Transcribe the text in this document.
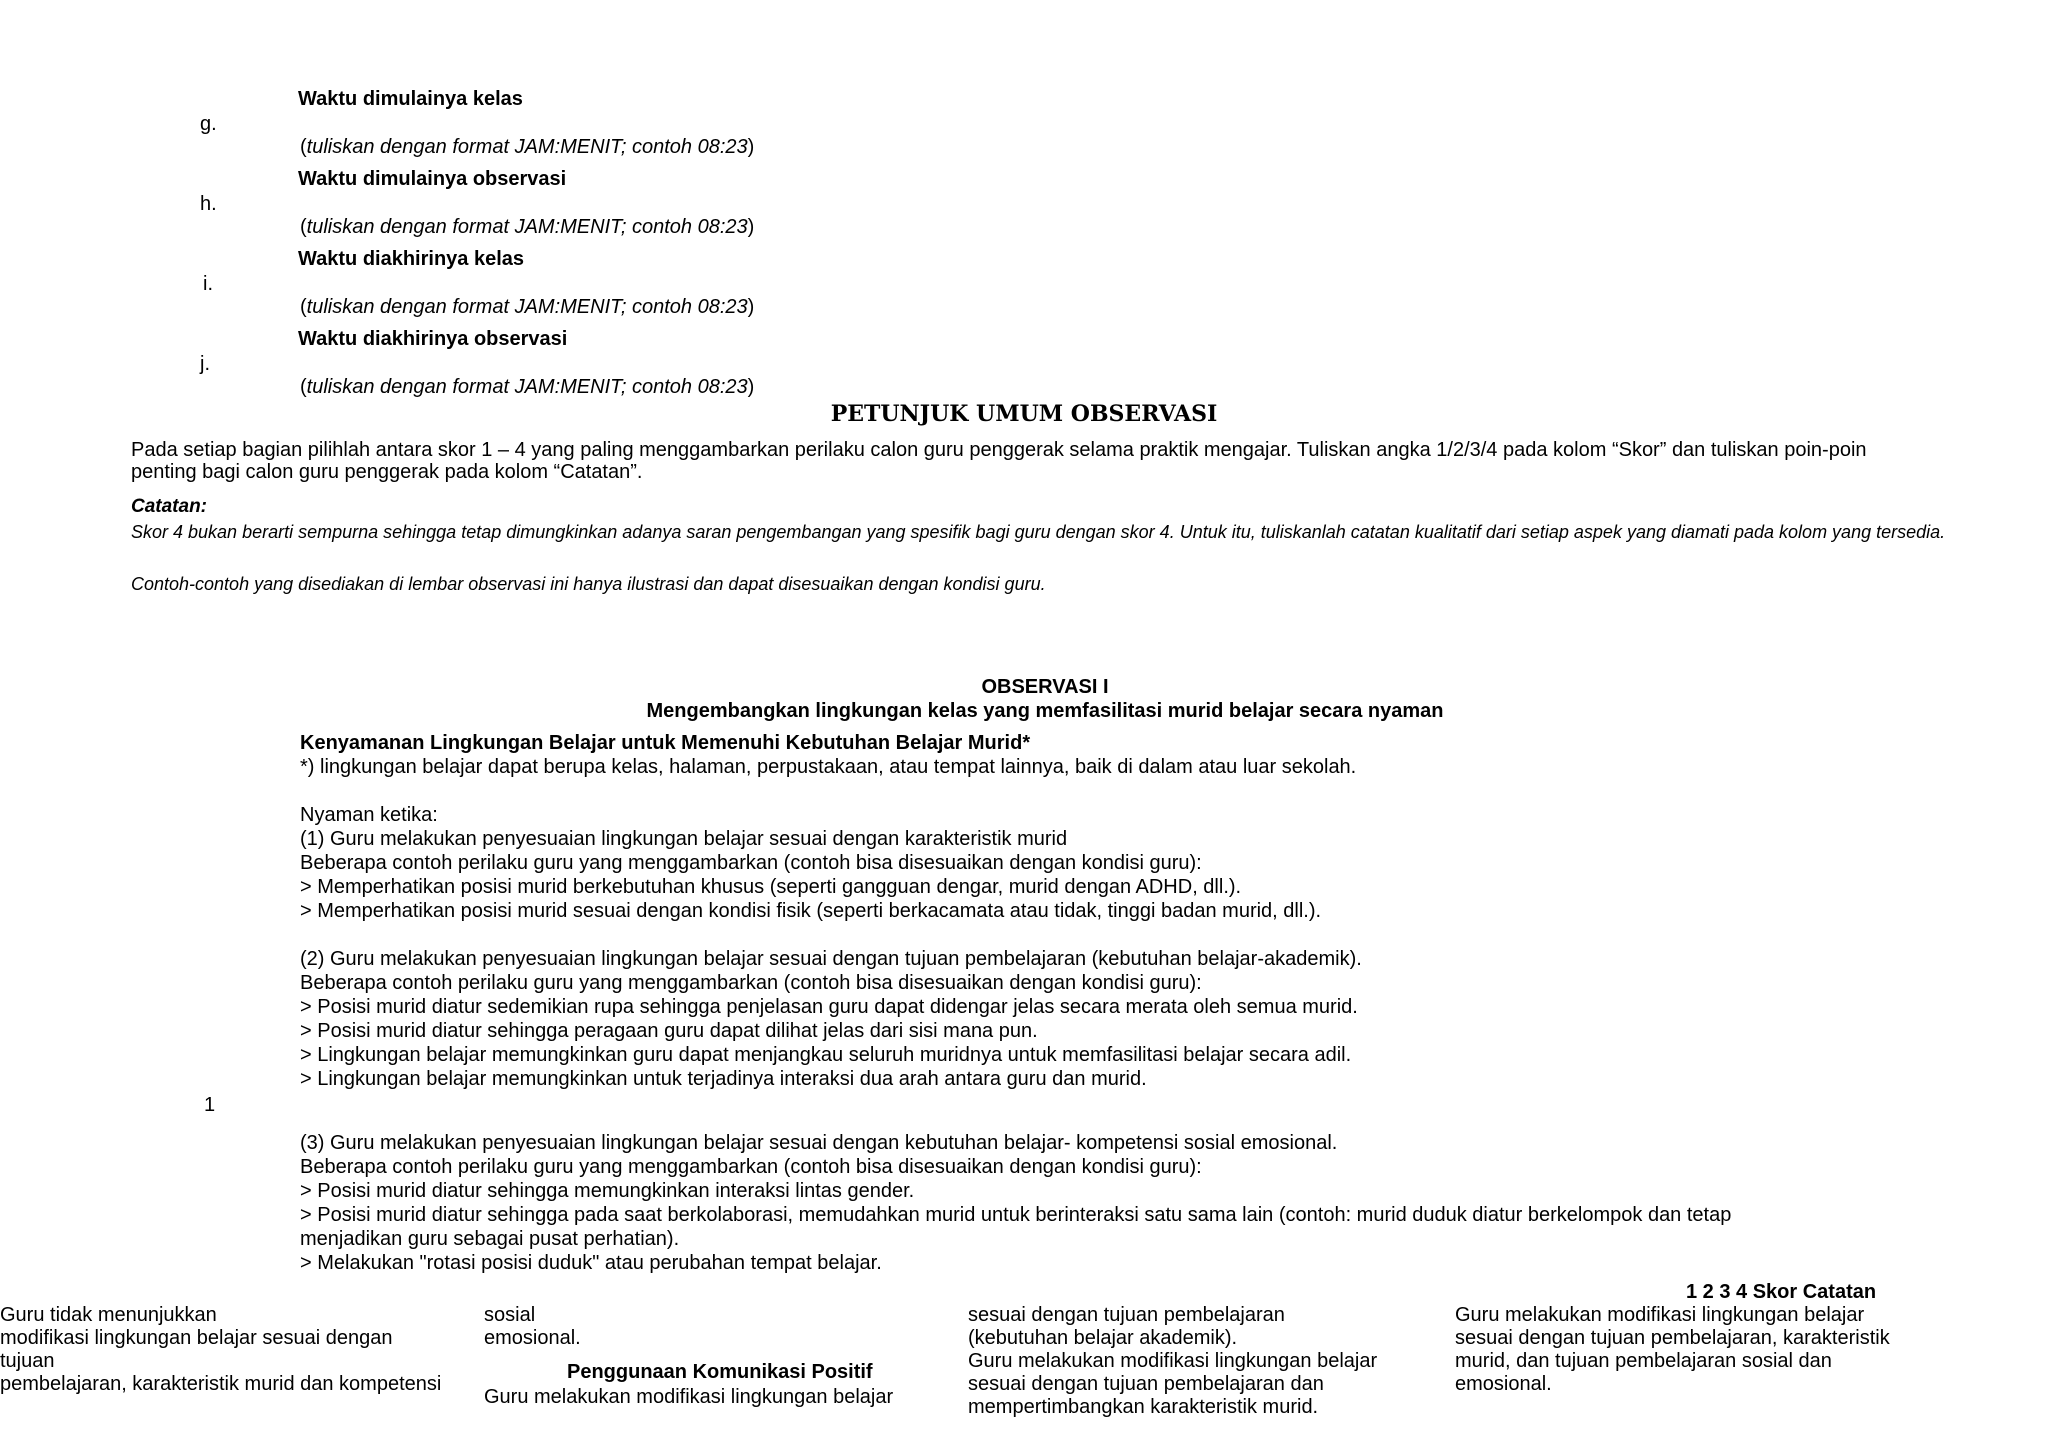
Waktu dimulainya kelas
g.
(tuliskan dengan format JAM:MENIT; contoh 08:23)
Waktu dimulainya observasi
h.
(tuliskan dengan format JAM:MENIT; contoh 08:23)
Waktu diakhirinya kelas
i.
(tuliskan dengan format JAM:MENIT; contoh 08:23)
Waktu diakhirinya observasi
j.
(tuliskan dengan format JAM:MENIT; contoh 08:23)
PETUNJUK UMUM OBSERVASI
Pada setiap bagian pilihlah antara skor 1 – 4 yang paling menggambarkan perilaku calon guru penggerak selama praktik mengajar. Tuliskan angka 1/2/3/4 pada kolom “Skor” dan tuliskan poin-poin penting bagi calon guru penggerak pada kolom “Catatan”.
Catatan:
Skor 4 bukan berarti sempurna sehingga tetap dimungkinkan adanya saran pengembangan yang spesifik bagi guru dengan skor 4. Untuk itu, tuliskanlah catatan kualitatif dari setiap aspek yang diamati pada kolom yang tersedia.
Contoh-contoh yang disediakan di lembar observasi ini hanya ilustrasi dan dapat disesuaikan dengan kondisi guru.
OBSERVASI I
Mengembangkan lingkungan kelas yang memfasilitasi murid belajar secara nyaman
Kenyamanan Lingkungan Belajar untuk Memenuhi Kebutuhan Belajar Murid*
*) lingkungan belajar dapat berupa kelas, halaman, perpustakaan, atau tempat lainnya, baik di dalam atau luar sekolah.
Nyaman ketika:
(1) Guru melakukan penyesuaian lingkungan belajar sesuai dengan karakteristik murid
Beberapa contoh perilaku guru yang menggambarkan (contoh bisa disesuaikan dengan kondisi guru):
> Memperhatikan posisi murid berkebutuhan khusus (seperti gangguan dengar, murid dengan ADHD, dll.).
> Memperhatikan posisi murid sesuai dengan kondisi fisik (seperti berkacamata atau tidak, tinggi badan murid, dll.).
(2) Guru melakukan penyesuaian lingkungan belajar sesuai dengan tujuan pembelajaran (kebutuhan belajar-akademik).
Beberapa contoh perilaku guru yang menggambarkan (contoh bisa disesuaikan dengan kondisi guru):
> Posisi murid diatur sedemikian rupa sehingga penjelasan guru dapat didengar jelas secara merata oleh semua murid.
> Posisi murid diatur sehingga peragaan guru dapat dilihat jelas dari sisi mana pun.
> Lingkungan belajar memungkinkan guru dapat menjangkau seluruh muridnya untuk memfasilitasi belajar secara adil.
> Lingkungan belajar memungkinkan untuk terjadinya interaksi dua arah antara guru dan murid.
1
(3) Guru melakukan penyesuaian lingkungan belajar sesuai dengan kebutuhan belajar- kompetensi sosial emosional.
Beberapa contoh perilaku guru yang menggambarkan (contoh bisa disesuaikan dengan kondisi guru):
> Posisi murid diatur sehingga memungkinkan interaksi lintas gender.
> Posisi murid diatur sehingga pada saat berkolaborasi, memudahkan murid untuk berinteraksi satu sama lain (contoh: murid duduk diatur berkelompok dan tetap
menjadikan guru sebagai pusat perhatian).
> Melakukan "rotasi posisi duduk" atau perubahan tempat belajar.
1 2 3 4 Skor Catatan
Guru tidak menunjukkan
modifikasi lingkungan belajar sesuai dengan
tujuan
pembelajaran, karakteristik murid dan kompetensi
sosial
emosional.
Penggunaan Komunikasi Positif
Guru melakukan modifikasi lingkungan belajar
sesuai dengan tujuan pembelajaran
(kebutuhan belajar akademik).
Guru melakukan modifikasi lingkungan belajar
sesuai dengan tujuan pembelajaran dan
mempertimbangkan karakteristik murid.
Guru melakukan modifikasi lingkungan belajar
sesuai dengan tujuan pembelajaran, karakteristik
murid, dan tujuan pembelajaran sosial dan
emosional.
